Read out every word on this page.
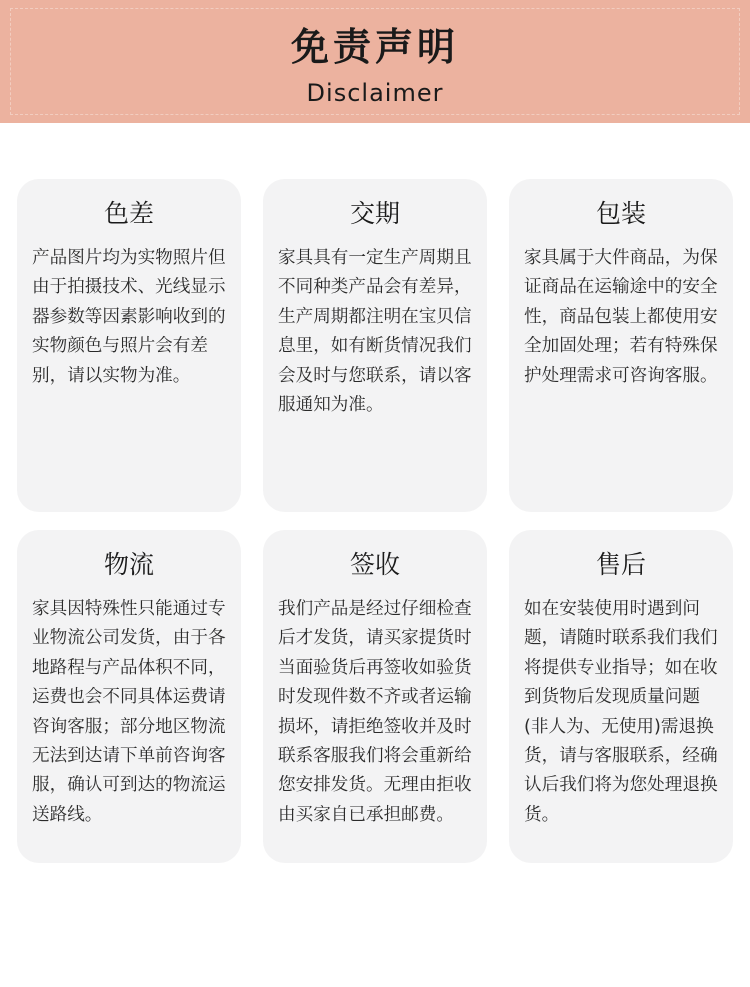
免责声明
Disclaimer
色差
产品图片均为实物照片但由于拍摄技术、光线显示器参数等因素影响收到的实物颜色与照片会有差别，请以实物为准。
交期
家具具有一定生产周期且不同种类产品会有差异，生产周期都注明在宝贝信息里，如有断货情况我们会及时与您联系，请以客服通知为准。
包装
家具属于大件商品，为保证商品在运输途中的安全性，商品包装上都使用安全加固处理；若有特殊保护处理需求可咨询客服。
物流
家具因特殊性只能通过专业物流公司发货，由于各地路程与产品体积不同，运费也会不同具体运费请咨询客服；部分地区物流无法到达请下单前咨询客服，确认可到达的物流运送路线。
签收
我们产品是经过仔细检查后才发货，请买家提货时当面验货后再签收如验货时发现件数不齐或者运输损坏，请拒绝签收并及时联系客服我们将会重新给您安排发货。无理由拒收由买家自已承担邮费。
售后
如在安装使用时遇到问题，请随时联系我们我们将提供专业指导；如在收到货物后发现质量问题(非人为、无使用)需退换货，请与客服联系，经确认后我们将为您处理退换货。
